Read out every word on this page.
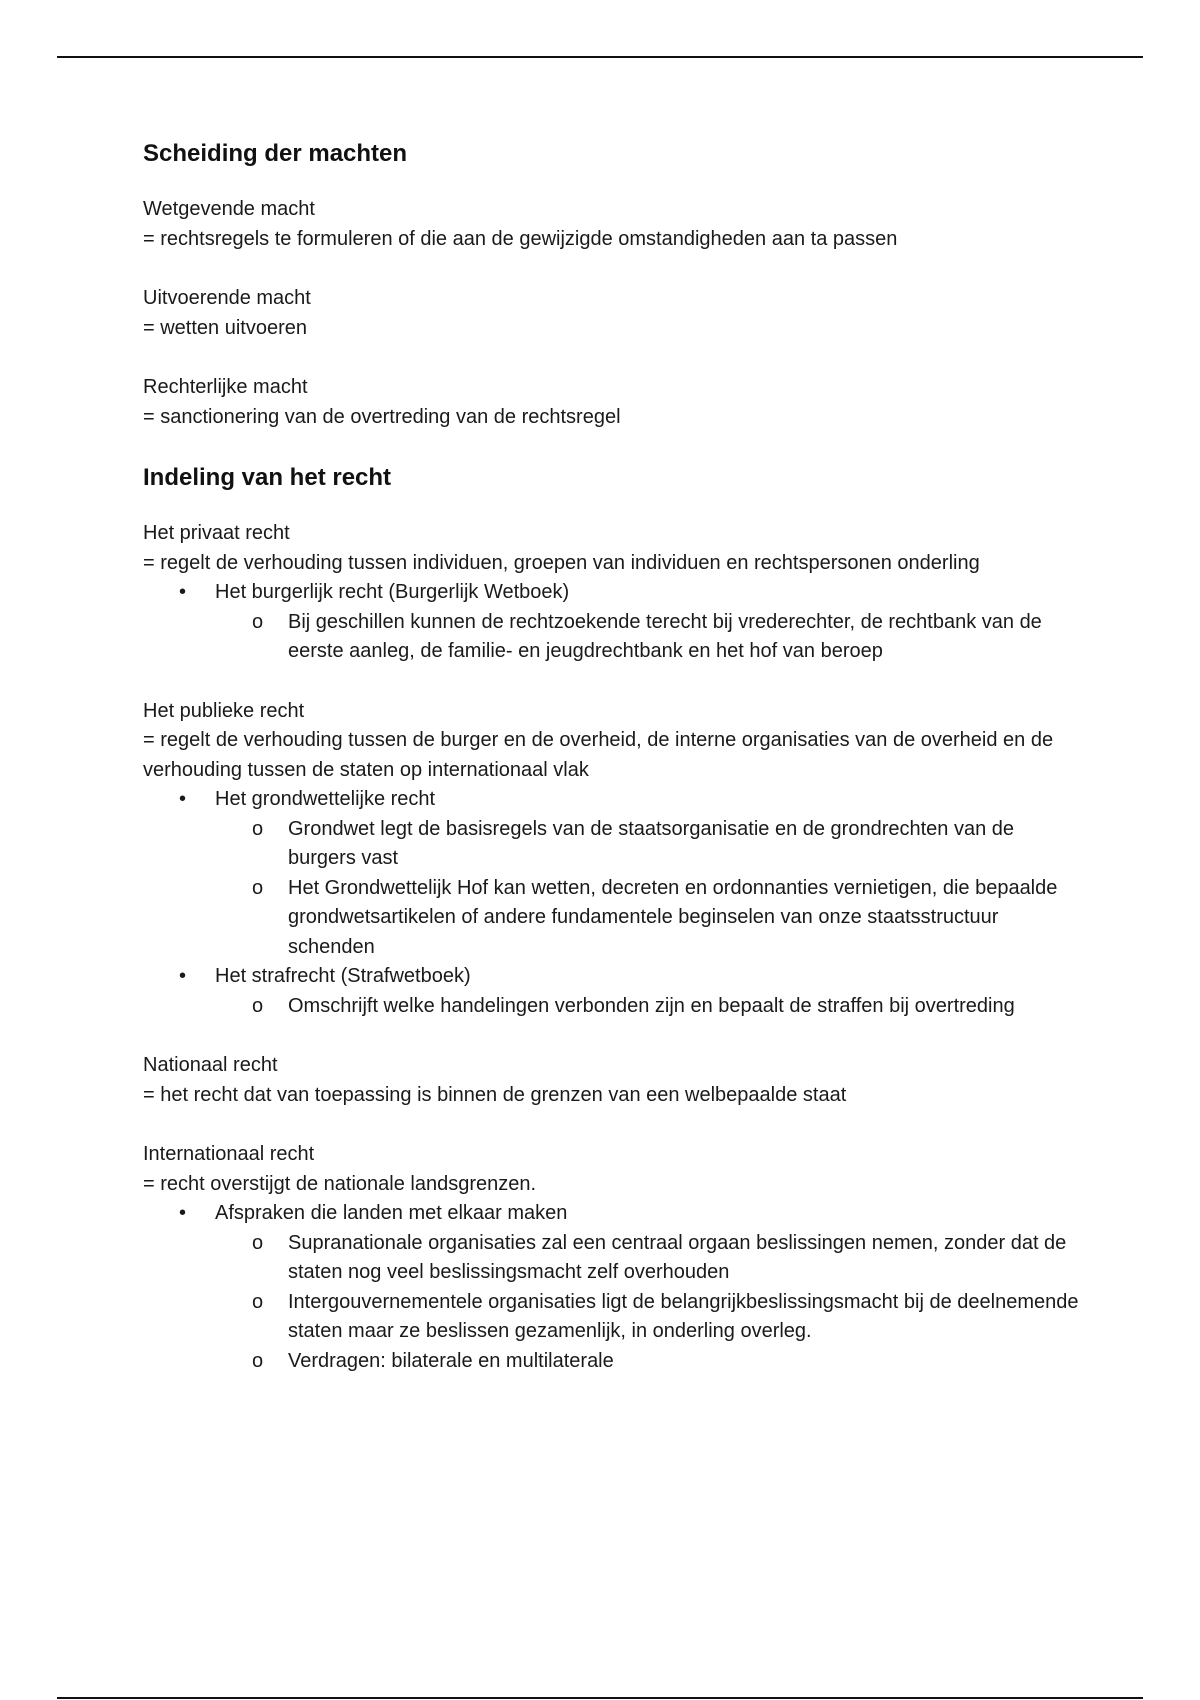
Scheiding der machten

Wetgevende macht

= rechtsregels te formuleren of die aan de gewijzigde omstandigheden aan ta passen

Uitvoerende macht

= wetten uitvoeren

Rechterlijke macht

= sanctionering van de overtreding van de rechtsregel

Indeling van het recht

Het privaat recht

= regelt de verhouding tussen individuen, groepen van individuen en rechtspersonen onderling

• Het burgerlijk recht (Burgerlijk Wetboek)
o Bij geschillen kunnen de rechtzoekende terecht bij vrederechter, de rechtbank van de eerste aanleg, de familie- en jeugdrechtbank en het hof van beroep

Het publieke recht

= regelt de verhouding tussen de burger en de overheid, de interne organisaties van de overheid en de verhouding tussen de staten op internationaal vlak

• Het grondwettelijke recht
o Grondwet legt de basisregels van de staatsorganisatie en de grondrechten van de burgers vast
o Het Grondwettelijk Hof kan wetten, decreten en ordonnanties vernietigen, die bepaalde grondwetsartikelen of andere fundamentele beginselen van onze staatsstructuur schenden
• Het strafrecht (Strafwetboek)
o Omschrijft welke handelingen verbonden zijn en bepaalt de straffen bij overtreding

Nationaal recht

= het recht dat van toepassing is binnen de grenzen van een welbepaalde staat

Internationaal recht

= recht overstijgt de nationale landsgrenzen.

• Afspraken die landen met elkaar maken
o Supranationale organisaties zal een centraal orgaan beslissingen nemen, zonder dat de staten nog veel beslissingsmacht zelf overhouden
o Intergouvernementele organisaties ligt de belangrijkbeslissingsmacht bij de deelnemende staten maar ze beslissen gezamenlijk, in onderling overleg.
o Verdragen: bilaterale en multilaterale
